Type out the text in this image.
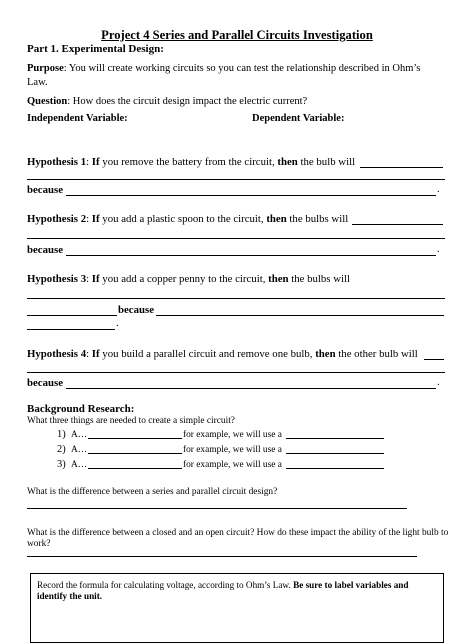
Project 4 Series and Parallel Circuits Investigation
Part 1. Experimental Design:
Purpose: You will create working circuits so you can test the relationship described in Ohm’s
Law.
Question: How does the circuit design impact the electric current?
Independent Variable:	Dependent Variable:
Hypothesis 1: If you remove the battery from the circuit, then the bulb will
because	.
Hypothesis 2: If you add a plastic spoon to the circuit, then the bulbs will
because	.
Hypothesis 3: If you add a copper penny to the circuit, then the bulbs will
because
.
Hypothesis 4: If you build a parallel circuit and remove one bulb, then the other bulb will
because	.
Background Research:
What three things are needed to create a simple circuit?
1) A…	for example, we will use a
2) A…	for example, we will use a
3) A…	for example, we will use a
What is the difference between a series and parallel circuit design?
What is the difference between a closed and an open circuit? How do these impact the ability of the light bulb to
work?
Record the formula for calculating voltage, according to Ohm’s Law. Be sure to label variables and identify the unit.
